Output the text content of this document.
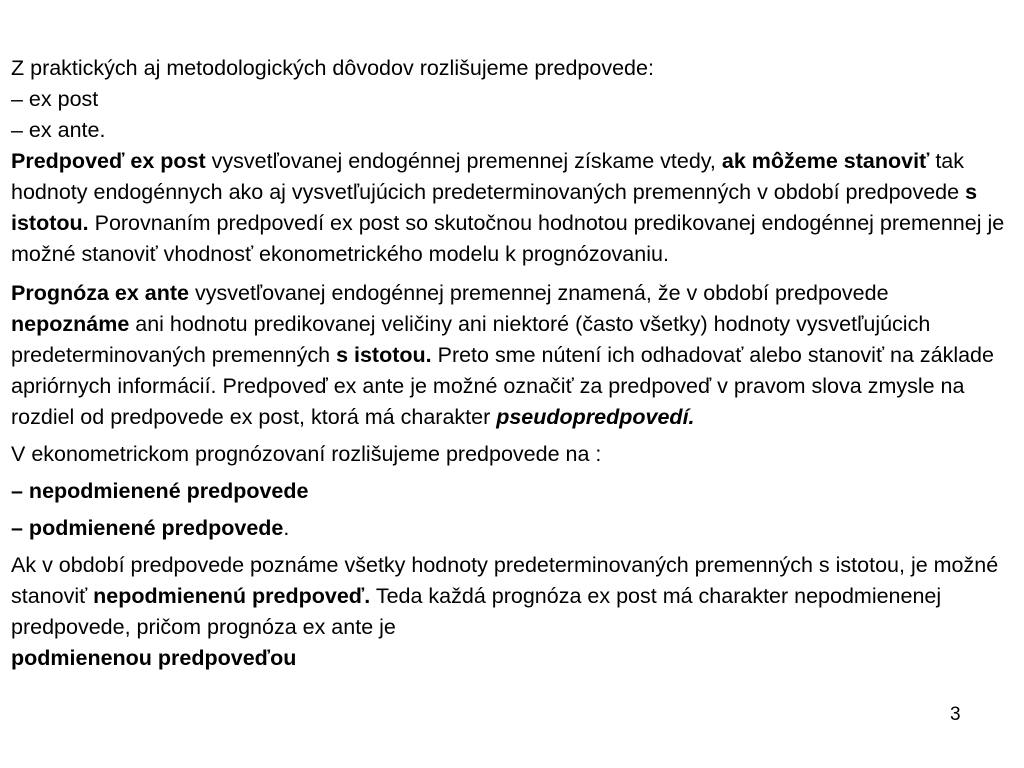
Z praktických aj metodologických dôvodov rozlišujeme predpovede:

– ex post

– ex ante.

Predpoveď ex post vysvetľovanej endogénnej premennej získame vtedy, ak môžeme stanoviť tak hodnoty endogénnych ako aj vysvetľujúcich predeterminovaných premenných v období predpovede s istotou. Porovnaním predpovedí ex post so skutočnou hodnotou predikovanej endogénnej premennej je možné stanoviť vhodnosť ekonometrického modelu k prognózovaniu.

Prognóza ex ante vysvetľovanej endogénnej premennej znamená, že v období predpovede nepoznáme ani hodnotu predikovanej veličiny ani niektoré (často všetky) hodnoty vysvetľujúcich predeterminovaných premenných s istotou. Preto sme nútení ich odhadovať alebo stanoviť na základe apriórnych informácií. Predpoveď ex ante je možné označiť za predpoveď v pravom slova zmysle na rozdiel od predpovede ex post, ktorá má charakter pseudopredpovedí.

V ekonometrickom prognózovaní rozlišujeme predpovede na :

– nepodmienené predpovede

– podmienené predpovede.

Ak v období predpovede poznáme všetky hodnoty predeterminovaných premenných s istotou, je možné stanoviť nepodmienenú predpoveď. Teda každá prognóza ex post má charakter nepodmienenej predpovede, pričom prognóza ex ante je
podmienenou predpoveďou

3
